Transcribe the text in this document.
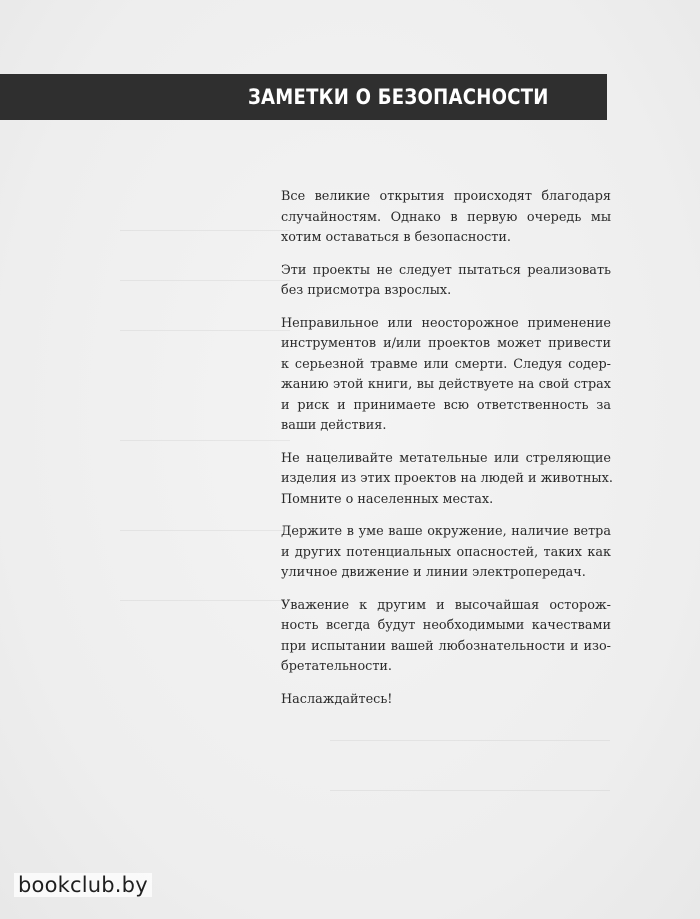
ЗАМЕТКИ О БЕЗОПАСНОСТИ

Все великие открытия происходят благодаря
случайностям. Однако в первую очередь мы
хотим оставаться в безопасности.

Эти проекты не следует пытаться реализовать
без присмотра взрослых.

Неправильное или неосторожное применение
инструментов и/или проектов может привести
к серьезной травме или смерти. Следуя содер-
жанию этой книги, вы действуете на свой страх
и риск и принимаете всю ответственность за
ваши действия.

Не нацеливайте метательные или стреляющие
изделия из этих проектов на людей и животных.
Помните о населенных местах.

Держите в уме ваше окружение, наличие ветра
и других потенциальных опасностей, таких как
уличное движение и линии электропередач.

Уважение к другим и высочайшая осторож-
ность всегда будут необходимыми качествами
при испытании вашей любознательности и изо-
бретательности.

Наслаждайтесь!

bookclub.by
